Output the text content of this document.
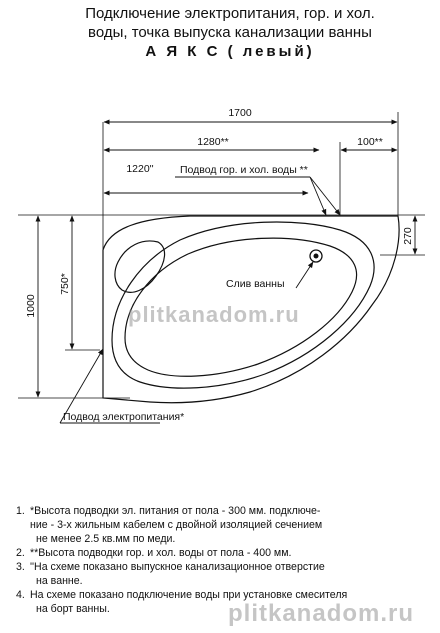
Подключение электропитания, гор. и хол.
воды, точка выпуска канализации ванны
А Я К С ( левый)
1700
1280**	100**
1220''
1000
750*
270
Подвод гор. и хол. воды **
Слив ванны
Подвод электропитания*
plitkanadom.ru
plitkanadom.ru
1. *Высота подводки эл. питания от пола - 300 мм. подключе-
ние - 3-х жильным кабелем с двойной изоляцией сечением
не менее 2.5 кв.мм по меди.
2. **Высота подводки гор. и хол. воды от пола - 400 мм.
3. ''На схеме показано выпускное канализационное отверстие
на ванне.
4. На схеме показано подключение воды при установке смесителя
на борт ванны.
